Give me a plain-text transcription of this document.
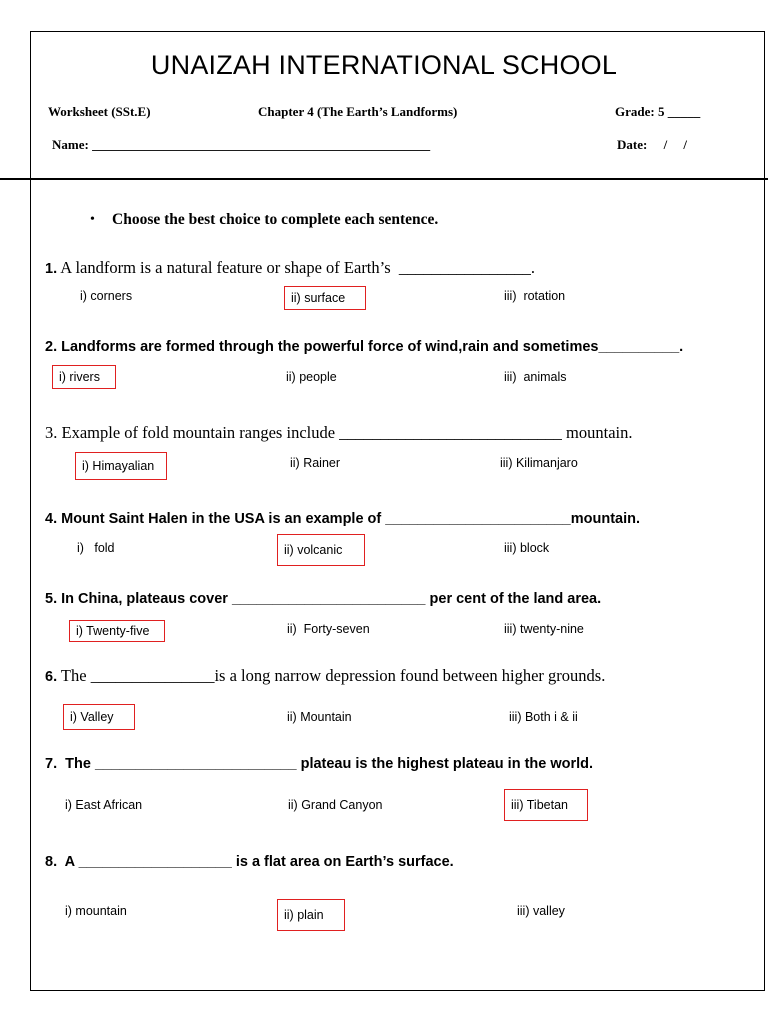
UNAIZAH INTERNATIONAL SCHOOL
Worksheet (SSt.E)	Chapter 4 (The Earth’s Landforms)	Grade: 5 _____
Name: ____________________________________________________	Date:     /     /
• Choose the best choice to complete each sentence.
1. A landform is a natural feature or shape of Earth’s  ________________.
i) corners	ii) surface	iii)  rotation
2. Landforms are formed through the powerful force of wind,rain and sometimes__________.
i) rivers	ii) people	iii)  animals
3. Example of fold mountain ranges include ___________________________ mountain.
i) Himayalian	ii) Rainer	iii) Kilimanjaro
4. Mount Saint Halen in the USA is an example of _______________________mountain.
i)   fold	ii) volcanic	iii) block
5. In China, plateaus cover ________________________ per cent of the land area.
i) Twenty-five	ii)  Forty-seven	iii) twenty-nine
6. The _______________is a long narrow depression found between higher grounds.
i) Valley	ii) Mountain	iii) Both i & ii
7.  The _________________________ plateau is the highest plateau in the world.
i) East African	ii) Grand Canyon	iii) Tibetan
8.  A ___________________ is a flat area on Earth’s surface.
i) mountain	ii) plain	iii) valley
